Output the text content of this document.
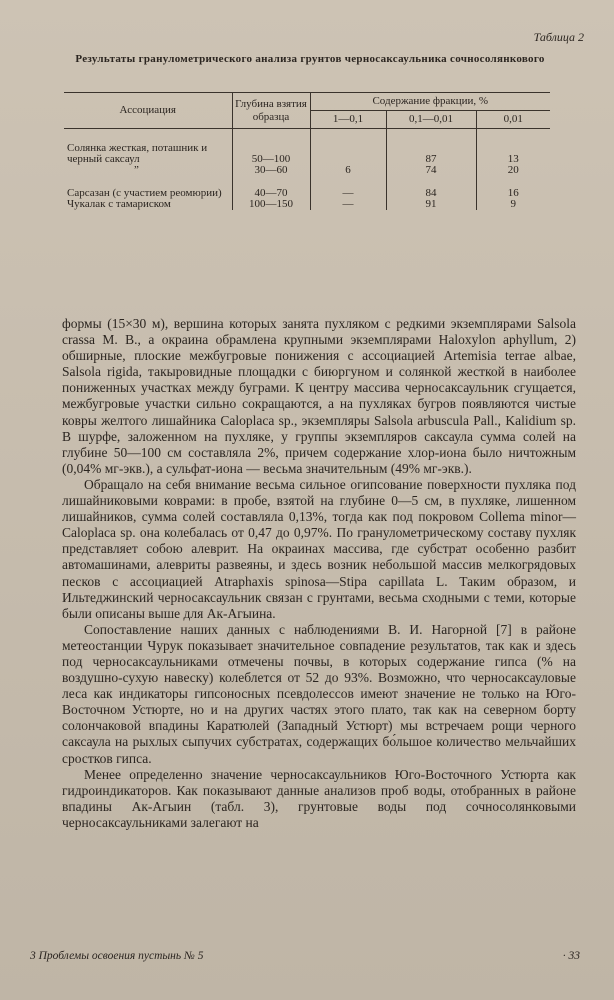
Таблица 2
Результаты гранулометрического анализа грунтов черносаксаульника сочносолянкового
Ассоциация	Глубина взятия образца	Содержание фракции, %		
		1—0,1	0,1—0,01	0,01
Солянка жесткая, поташник и черный саксаул	50—100		87	13
”	30—60	6	74	20
Сарсазан (с участием реомюрии)	40—70	—	84	16
Чукалак с тамариском	100—150	—	91	9

формы (15×30 м), вершина которых занята пухляком с редкими экземплярами Salsola crassa M. B., а окраина обрамлена крупными экземплярами Haloxylon aphyllum, 2) обширные, плоские межбугровые понижения с ассоциацией Artemisia terrae albae, Salsola rigida, такыровидные площадки с биюргуном и солянкой жесткой в наиболее пониженных участках между буграми. К центру массива черносаксаульник сгущается, межбугровые участки сильно сокращаются, а на пухляках бугров появляются чистые ковры желтого лишайника Caloplaca sp., экземпляры Salsola arbuscula Pall., Kalidium sp. В шурфе, заложенном на пухляке, у группы экземпляров саксаула сумма солей на глубине 50—100 см составляла 2%, причем содержание хлор-иона было ничтожным (0,04% мг-экв.), а сульфат-иона — весьма значительным (49% мг-экв.).

Обращало на себя внимание весьма сильное огипсование поверхности пухляка под лишайниковыми коврами: в пробе, взятой на глубине 0—5 см, в пухляке, лишенном лишайников, сумма солей составляла 0,13%, тогда как под покровом Collema minor—Caloplaca sp. она колебалась от 0,47 до 0,97%. По гранулометрическому составу пухляк представляет собою алеврит. На окраинах массива, где субстрат особенно разбит автомашинами, алевриты развеяны, и здесь возник небольшой массив мелкогрядовых песков с ассоциацией Atraphaxis spinosa—Stipa capillata L. Таким образом, и Ильтеджинский черносаксаульник связан с грунтами, весьма сходными с теми, которые были описаны выше для Ак-Агыина.

Сопоставление наших данных с наблюдениями В. И. Нагорной [7] в районе метеостанции Чурук показывает значительное совпадение результатов, так как и здесь под черносаксаульниками отмечены почвы, в которых содержание гипса (% на воздушно-сухую навеску) колеблется от 52 до 93%. Возможно, что черносаксауловые леса как индикаторы гипсоносных псевдолессов имеют значение не только на Юго-Восточном Устюрте, но и на других частях этого плато, так как на северном борту солончаковой впадины Каратюлей (Западный Устюрт) мы встречаем рощи черного саксаула на рыхлых сыпучих субстратах, содержащих бо́льшое количество мельчайших сростков гипса.

Менее определенно значение черносаксаульников Юго-Восточного Устюрта как гидроиндикаторов. Как показывают данные анализов проб воды, отобранных в районе впадины Ак-Агыин (табл. 3), грунтовые воды под сочносолянковыми черносаксаульниками залегают на

3 Проблемы освоения пустынь № 5	· 33
